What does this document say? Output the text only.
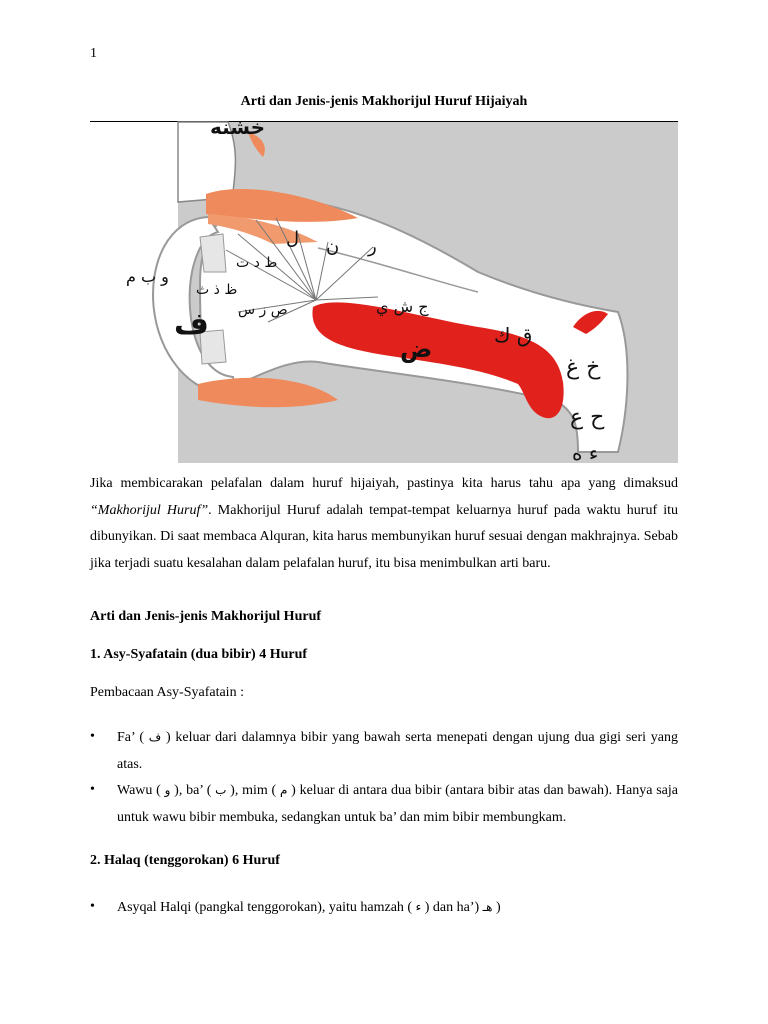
1
Arti dan Jenis-jenis Makhorijul Huruf Hijaiyah
خشنه
و ب م
ف
ظ ذ ث
ص ز س
ط د ت
ل ن ر
ج ش ي
ض	ق ك
خ غ
ح ع
ء ه

Jika membicarakan pelafalan dalam huruf hijaiyah, pastinya kita harus tahu apa yang dimaksud “Makhorijul Huruf”. Makhorijul Huruf adalah tempat-tempat keluarnya huruf pada waktu huruf itu dibunyikan. Di saat membaca Alquran, kita harus membunyikan huruf sesuai dengan makhrajnya. Sebab jika terjadi suatu kesalahan dalam pelafalan huruf, itu bisa menimbulkan arti baru.

Arti dan Jenis-jenis Makhorijul Huruf
1. Asy-Syafatain (dua bibir) 4 Huruf

Pembacaan Asy-Syafatain :

•	Fa’ ( ف ) keluar dari dalamnya bibir yang bawah serta menepati dengan ujung dua gigi seri yang atas.
•	Wawu ( و ), ba’ ( ب ), mim ( م ) keluar di antara dua bibir (antara bibir atas dan bawah). Hanya saja untuk wawu bibir membuka, sedangkan untuk ba’ dan mim bibir membungkam.
2. Halaq (tenggorokan) 6 Huruf
•	Asyqal Halqi (pangkal tenggorokan), yaitu hamzah ( ء ) dan ha’) هـ )
